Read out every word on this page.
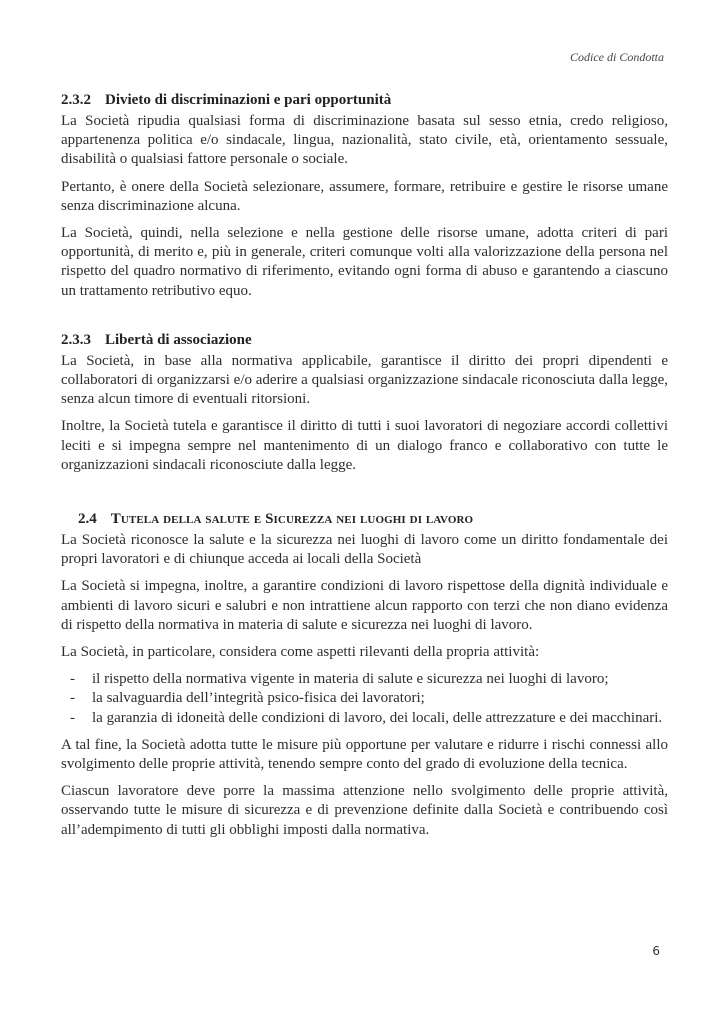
Codice di Condotta
2.3.2 Divieto di discriminazioni e pari opportunità

La Società ripudia qualsiasi forma di discriminazione basata sul sesso etnia, credo religioso, appartenenza politica e/o sindacale, lingua, nazionalità, stato civile, età, orientamento sessuale, disabilità o qualsiasi fattore personale o sociale.

Pertanto, è onere della Società selezionare, assumere, formare, retribuire e gestire le risorse umane senza discriminazione alcuna.

La Società, quindi, nella selezione e nella gestione delle risorse umane, adotta criteri di pari opportunità, di merito e, più in generale, criteri comunque volti alla valorizzazione della persona nel rispetto del quadro normativo di riferimento, evitando ogni forma di abuso e garantendo a ciascuno un trattamento retributivo equo.

2.3.3 Libertà di associazione

La Società, in base alla normativa applicabile, garantisce il diritto dei propri dipendenti e collaboratori di organizzarsi e/o aderire a qualsiasi organizzazione sindacale riconosciuta dalla legge, senza alcun timore di eventuali ritorsioni.

Inoltre, la Società tutela e garantisce il diritto di tutti i suoi lavoratori di negoziare accordi collettivi leciti e si impegna sempre nel mantenimento di un dialogo franco e collaborativo con tutte le organizzazioni sindacali riconosciute dalla legge.

2.4 Tutela della salute e Sicurezza nei luoghi di lavoro

La Società riconosce la salute e la sicurezza nei luoghi di lavoro come un diritto fondamentale dei propri lavoratori e di chiunque acceda ai locali della Società

La Società si impegna, inoltre, a garantire condizioni di lavoro rispettose della dignità individuale e ambienti di lavoro sicuri e salubri e non intrattiene alcun rapporto con terzi che non diano evidenza di rispetto della normativa in materia di salute e sicurezza nei luoghi di lavoro.

La Società, in particolare, considera come aspetti rilevanti della propria attività:

- il rispetto della normativa vigente in materia di salute e sicurezza nei luoghi di lavoro;
- la salvaguardia dell’integrità psico-fisica dei lavoratori;
- la garanzia di idoneità delle condizioni di lavoro, dei locali, delle attrezzature e dei macchinari.

A tal fine, la Società adotta tutte le misure più opportune per valutare e ridurre i rischi connessi allo svolgimento delle proprie attività, tenendo sempre conto del grado di evoluzione della tecnica.

Ciascun lavoratore deve porre la massima attenzione nello svolgimento delle proprie attività, osservando tutte le misure di sicurezza e di prevenzione definite dalla Società e contribuendo così all’adempimento di tutti gli obblighi imposti dalla normativa.

6
